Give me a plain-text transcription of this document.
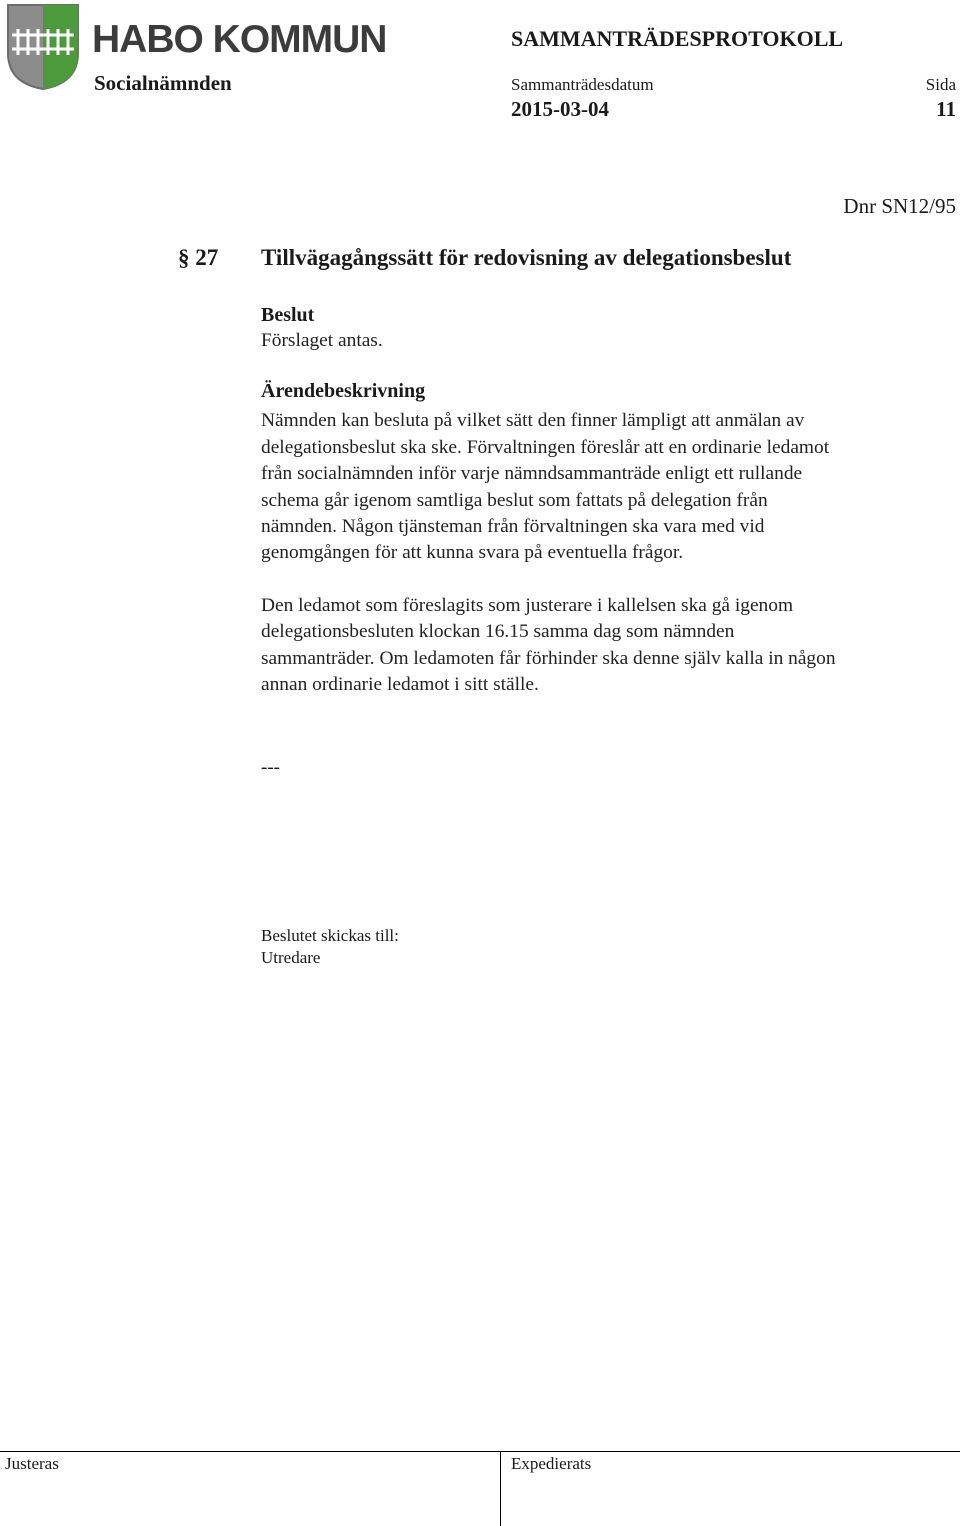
HABO KOMMUN
Socialnämnden
SAMMANTRÄDESPROTOKOLL
Sammanträdesdatum
2015-03-04
Sida
11
Dnr SN12/95
§ 27 Tillvägagångssätt för redovisning av delegationsbeslut

Beslut

Förslaget antas.

Ärendebeskrivning

Nämnden kan besluta på vilket sätt den finner lämpligt att anmälan av

delegationsbeslut ska ske. Förvaltningen föreslår att en ordinarie ledamot

från socialnämnden inför varje nämndsammanträde enligt ett rullande

schema går igenom samtliga beslut som fattats på delegation från

nämnden. Någon tjänsteman från förvaltningen ska vara med vid

genomgången för att kunna svara på eventuella frågor.

Den ledamot som föreslagits som justerare i kallelsen ska gå igenom

delegationsbesluten klockan 16.15 samma dag som nämnden

sammanträder. Om ledamoten får förhinder ska denne själv kalla in någon

annan ordinarie ledamot i sitt ställe.

---
Beslutet skickas till:
Utredare
Justeras	Expedierats
